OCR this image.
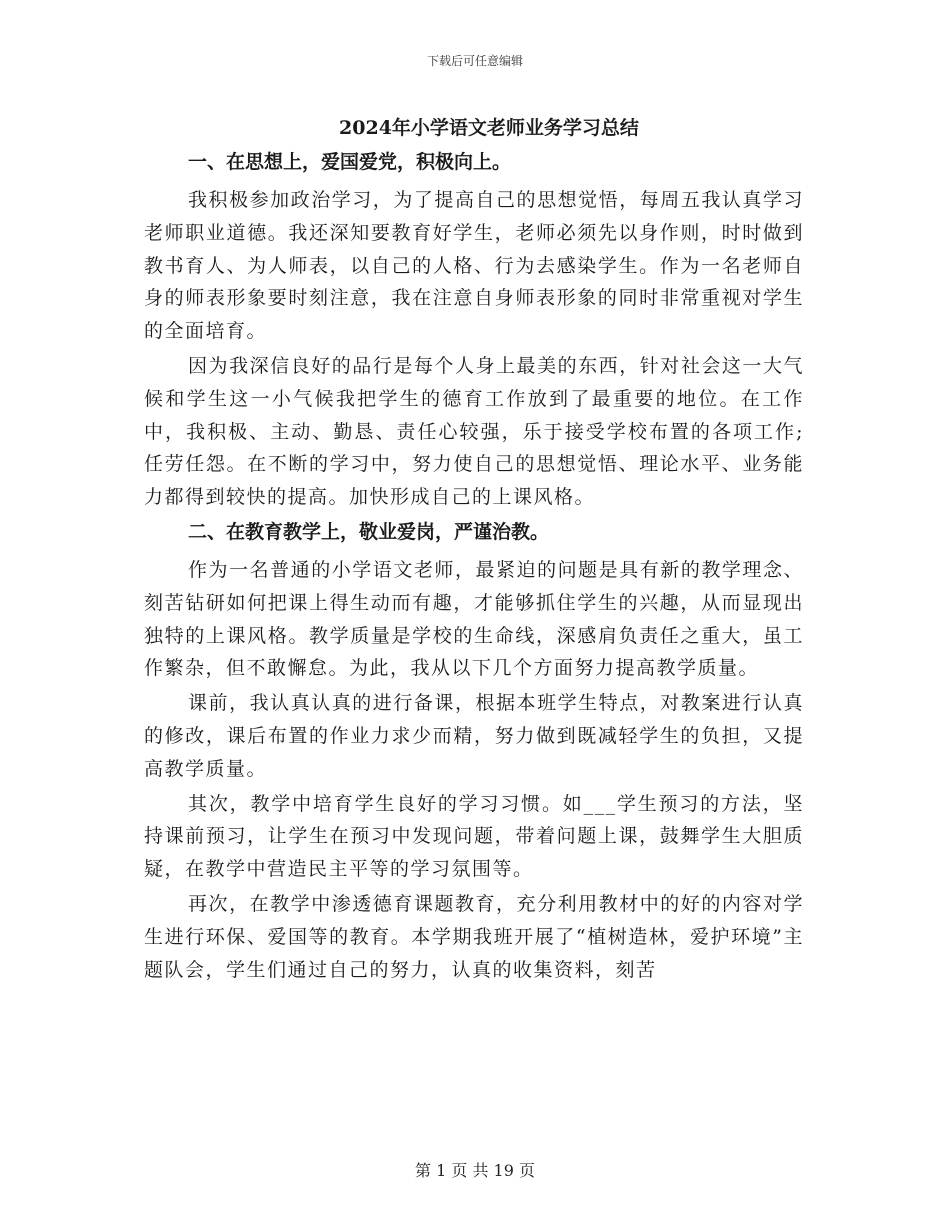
下载后可任意编辑
2024年小学语文老师业务学习总结
一、在思想上，爱国爱党，积极向上。

我积极参加政治学习，为了提高自己的思想觉悟，每周五我认真学习老师职业道德。我还深知要教育好学生，老师必须先以身作则，时时做到教书育人、为人师表，以自己的人格、行为去感染学生。作为一名老师自身的师表形象要时刻注意，我在注意自身师表形象的同时非常重视对学生的全面培育。

因为我深信良好的品行是每个人身上最美的东西，针对社会这一大气候和学生这一小气候我把学生的德育工作放到了最重要的地位。在工作中，我积极、主动、勤恳、责任心较强，乐于接受学校布置的各项工作;任劳任怨。在不断的学习中，努力使自己的思想觉悟、理论水平、业务能力都得到较快的提高。加快形成自己的上课风格。

二、在教育教学上，敬业爱岗，严谨治教。

作为一名普通的小学语文老师，最紧迫的问题是具有新的教学理念、刻苦钻研如何把课上得生动而有趣，才能够抓住学生的兴趣，从而显现出独特的上课风格。教学质量是学校的生命线，深感肩负责任之重大，虽工作繁杂，但不敢懈怠。为此，我从以下几个方面努力提高教学质量。

课前，我认真认真的进行备课，根据本班学生特点，对教案进行认真的修改，课后布置的作业力求少而精，努力做到既减轻学生的负担，又提高教学质量。

其次，教学中培育学生良好的学习习惯。如___学生预习的方法，坚持课前预习，让学生在预习中发现问题，带着问题上课，鼓舞学生大胆质疑，在教学中营造民主平等的学习氛围等。

再次，在教学中渗透德育课题教育，充分利用教材中的好的内容对学生进行环保、爱国等的教育。本学期我班开展了“植树造林，爱护环境”主题队会，学生们通过自己的努力，认真的收集资料，刻苦

第 1 页 共 19 页
